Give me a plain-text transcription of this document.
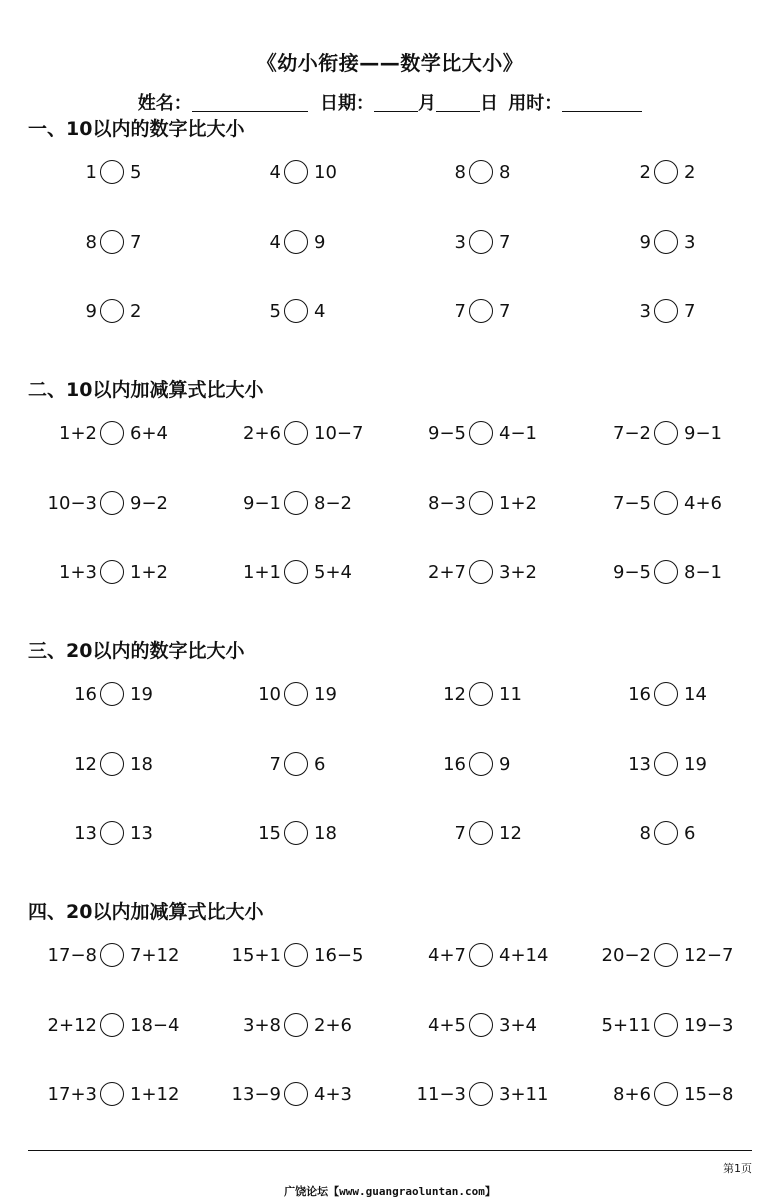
《幼小衔接——数学比大小》
姓名：	日期： 月 日 用时：
一、10以内的数字比大小
1 5	4 10	8 8	2 2
8 7	4 9	3 7	9 3
9 2	5 4	7 7	3 7
二、10以内加减算式比大小
1+2 6+4	2+6 10−7	9−5 4−1	7−2 9−1
10−3 9−2	9−1 8−2	8−3 1+2	7−5 4+6
1+3 1+2	1+1 5+4	2+7 3+2	9−5 8−1
三、20以内的数字比大小
16 19	10 19	12 11	16 14
12 18	7 6	16 9	13 19
13 13	15 18	7 12	8 6
四、20以内加减算式比大小
17−8 7+12	15+1 16−5	4+7 4+14	20−2 12−7
2+12 18−4	3+8 2+6	4+5 3+4	5+11 19−3
17+3 1+12	13−9 4+3	11−3 3+11	8+6 15−8
第1页
广饶论坛【www.guangraoluntan.com】
